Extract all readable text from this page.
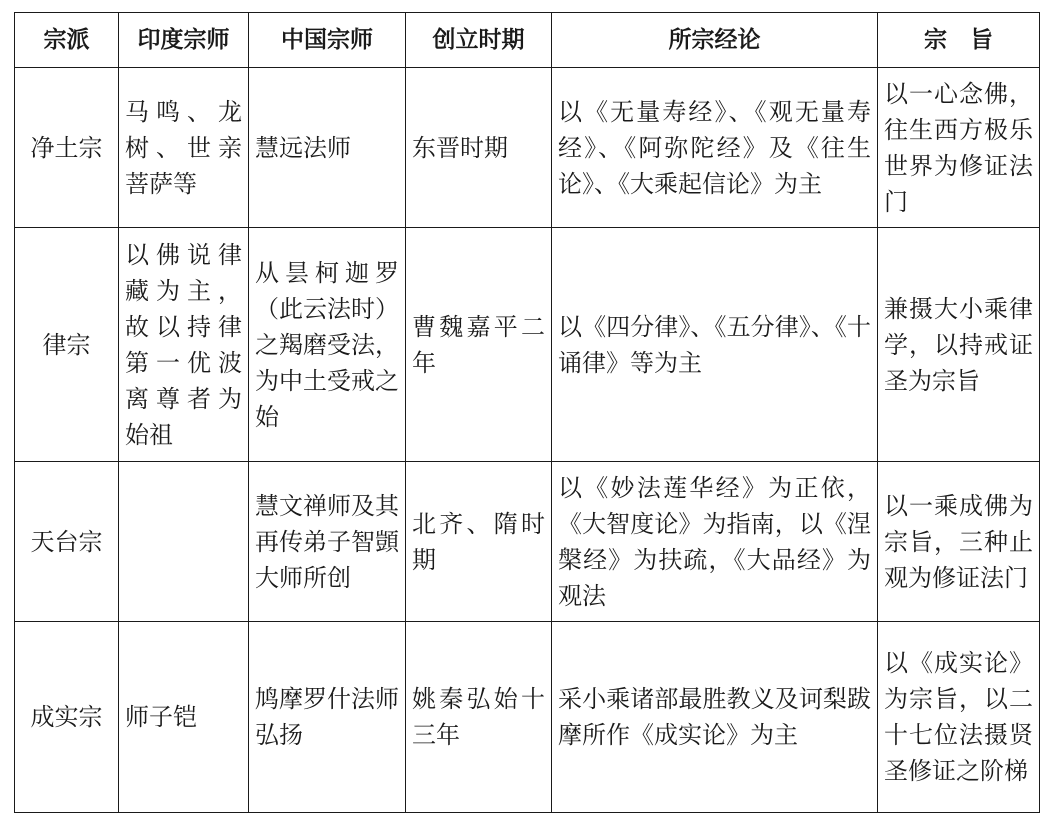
宗派	印度宗师	中国宗师	创立时期	所宗经论	宗　旨
净土宗	马鸣、龙树、世亲菩萨等	慧远法师	东晋时期	以《无量寿经》、《观无量寿经》、《阿弥陀经》及《往生论》、《大乘起信论》为主	以一心念佛，往生西方极乐世界为修证法门
律宗	以佛说律藏为主，故以持律第一优波离尊者为始祖	从昙柯迦罗（此云法时）之羯磨受法，为中土受戒之始	曹魏嘉平二年	以《四分律》、《五分律》、《十诵律》等为主	兼摄大小乘律学，以持戒证圣为宗旨
天台宗		慧文禅师及其再传弟子智顗大师所创	北齐、隋时期	以《妙法莲华经》为正依，《大智度论》为指南，以《涅槃经》为扶疏，《大品经》为观法	以一乘成佛为宗旨，三种止观为修证法门
成实宗	师子铠	鸠摩罗什法师弘扬	姚秦弘始十三年	采小乘诸部最胜教义及诃梨跋摩所作《成实论》为主	以《成实论》为宗旨，以二十七位法摄贤圣修证之阶梯
